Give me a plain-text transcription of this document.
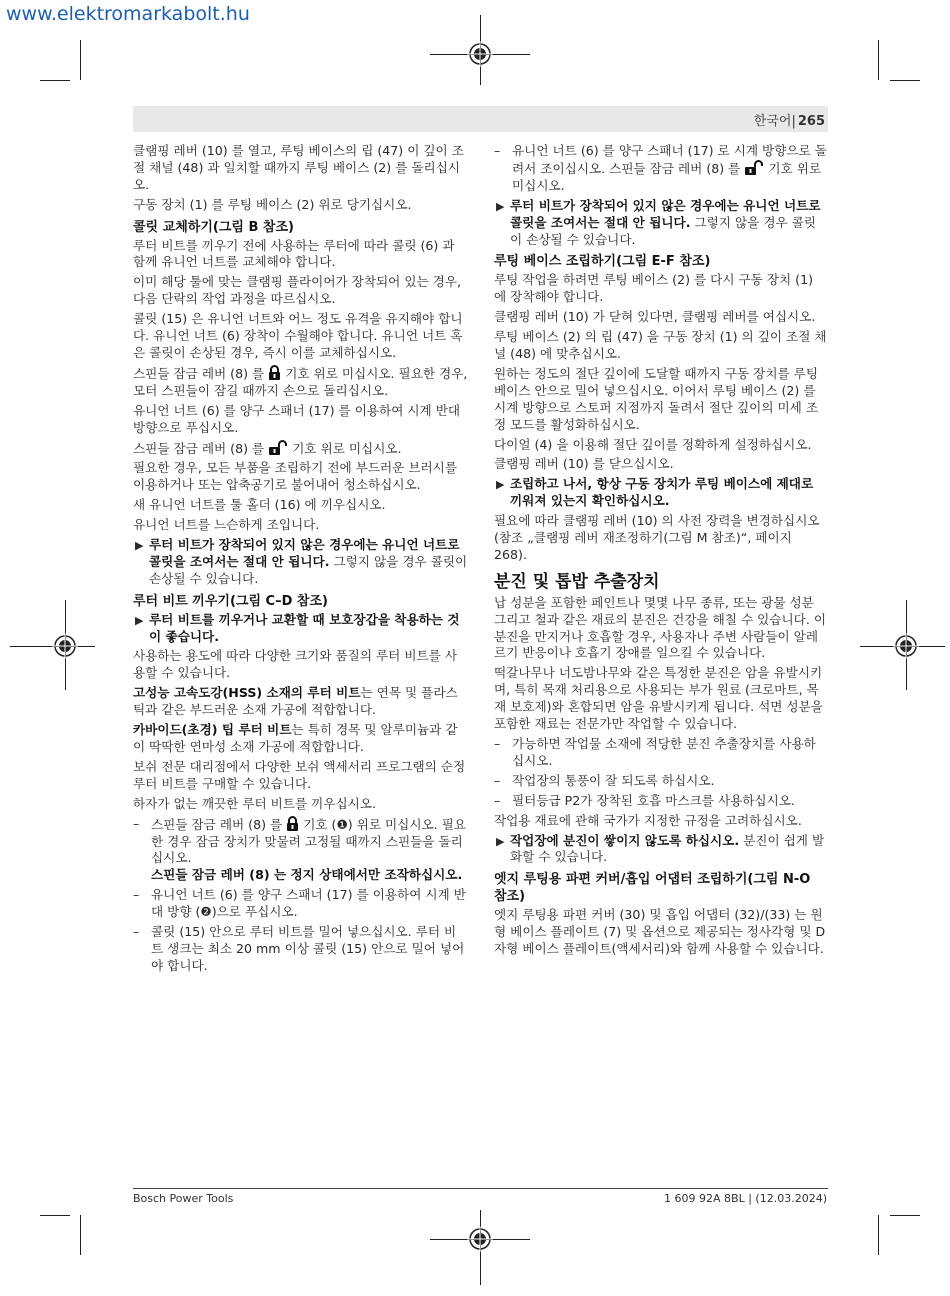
www.elektromarkabolt.hu
한국어| 265

클램핑 레버 (10) 를 열고, 루팅 베이스의 립 (47) 이 깊이 조절 채널 (48) 과 일치할 때까지 루팅 베이스 (2) 를 돌리십시오.

구동 장치 (1) 를 루팅 베이스 (2) 위로 당기십시오.

콜릿 교체하기(그림 B 참조)

루터 비트를 끼우기 전에 사용하는 루터에 따라 콜릿 (6) 과 함께 유니언 너트를 교체해야 합니다.

이미 해당 툴에 맞는 클램핑 플라이어가 장착되어 있는 경우, 다음 단락의 작업 과정을 따르십시오.

콜릿 (15) 은 유니언 너트와 어느 정도 유격을 유지해야 합니다. 유니언 너트 (6) 장착이 수월해야 합니다. 유니언 너트 혹은 콜릿이 손상된 경우, 즉시 이를 교체하십시오.

스핀들 잠금 레버 (8) 를 기호 위로 미십시오. 필요한 경우, 모터 스핀들이 잠길 때까지 손으로 돌리십시오.

유니언 너트 (6) 를 양구 스패너 (17) 를 이용하여 시계 반대방향으로 푸십시오.

스핀들 잠금 레버 (8) 를 기호 위로 미십시오.

필요한 경우, 모든 부품을 조립하기 전에 부드러운 브러시를 이용하거나 또는 압축공기로 불어내어 청소하십시오.

새 유니언 너트를 툴 홀더 (16) 에 끼우십시오.

유니언 너트를 느슨하게 조입니다.

▶ 루터 비트가 장착되어 있지 않은 경우에는 유니언 너트로 콜릿을 조여서는 절대 안 됩니다. 그렇지 않을 경우 콜릿이 손상될 수 있습니다.

루터 비트 끼우기(그림 C–D 참조)

▶ 루터 비트를 끼우거나 교환할 때 보호장갑을 착용하는 것이 좋습니다.

사용하는 용도에 따라 다양한 크기와 품질의 루터 비트를 사용할 수 있습니다.

고성능 고속도강(HSS) 소재의 루터 비트는 연목 및 플라스틱과 같은 부드러운 소재 가공에 적합합니다.

카바이드(초경) 팁 루터 비트는 특히 경목 및 알루미늄과 같이 딱딱한 연마성 소재 가공에 적합합니다.

보쉬 전문 대리점에서 다양한 보쉬 액세서리 프로그램의 순정 루터 비트를 구매할 수 있습니다.

하자가 없는 깨끗한 루터 비트를 끼우십시오.

– 스핀들 잠금 레버 (8) 를 기호 (❶) 위로 미십시오. 필요한 경우 잠금 장치가 맞물려 고정될 때까지 스핀들을 돌리십시오.
스핀들 잠금 레버 (8) 는 정지 상태에서만 조작하십시오.

– 유니언 너트 (6) 를 양구 스패너 (17) 를 이용하여 시계 반대 방향 (❷)으로 푸십시오.

– 콜릿 (15) 안으로 루터 비트를 밀어 넣으십시오. 루터 비트 생크는 최소 20 mm 이상 콜릿 (15) 안으로 밀어 넣어야 합니다.

– 유니언 너트 (6) 를 양구 스패너 (17) 로 시계 방향으로 돌려서 조이십시오. 스핀들 잠금 레버 (8) 를 기호 위로 미십시오.

▶ 루터 비트가 장착되어 있지 않은 경우에는 유니언 너트로 콜릿을 조여서는 절대 안 됩니다. 그렇지 않을 경우 콜릿이 손상될 수 있습니다.

루팅 베이스 조립하기(그림 E-F 참조)

루팅 작업을 하려면 루팅 베이스 (2) 를 다시 구동 장치 (1) 에 장착해야 합니다.

클램핑 레버 (10) 가 닫혀 있다면, 클램핑 레버를 여십시오.

루팅 베이스 (2) 의 립 (47) 을 구동 장치 (1) 의 깊이 조절 채널 (48) 에 맞추십시오.

원하는 정도의 절단 깊이에 도달할 때까지 구동 장치를 루팅 베이스 안으로 밀어 넣으십시오. 이어서 루팅 베이스 (2) 를 시계 방향으로 스토퍼 지점까지 돌려서 절단 깊이의 미세 조정 모드를 활성화하십시오.

다이얼 (4) 을 이용해 절단 깊이를 정확하게 설정하십시오.

클램핑 레버 (10) 를 닫으십시오.

▶ 조립하고 나서, 항상 구동 장치가 루팅 베이스에 제대로 끼워져 있는지 확인하십시오.

필요에 따라 클램핑 레버 (10) 의 사전 장력을 변경하십시오 (참조 „클램핑 레버 재조정하기(그림 M 참조)“, 페이지 268).

분진 및 톱밥 추출장치

납 성분을 포함한 페인트나 몇몇 나무 종류, 또는 광물 성분 그리고 철과 같은 재료의 분진은 건강을 해칠 수 있습니다. 이 분진을 만지거나 호흡할 경우, 사용자나 주변 사람들이 알레르기 반응이나 호흡기 장애를 일으킬 수 있습니다.

떡갈나무나 너도밤나무와 같은 특정한 분진은 암을 유발시키며, 특히 목재 처리용으로 사용되는 부가 원료 (크로마트, 목재 보호제)와 혼합되면 암을 유발시키게 됩니다. 석면 성분을 포함한 재료는 전문가만 작업할 수 있습니다.

– 가능하면 작업물 소재에 적당한 분진 추출장치를 사용하십시오.

– 작업장의 통풍이 잘 되도록 하십시오.

– 필터등급 P2가 장착된 호흡 마스크를 사용하십시오.

작업용 재료에 관해 국가가 지정한 규정을 고려하십시오.

▶ 작업장에 분진이 쌓이지 않도록 하십시오. 분진이 쉽게 발화할 수 있습니다.

엣지 루팅용 파편 커버/흡입 어댑터 조립하기(그림 N-O 참조)

엣지 루팅용 파편 커버 (30) 및 흡입 어댑터 (32)/(33) 는 원형 베이스 플레이트 (7) 및 옵션으로 제공되는 정사각형 및 D자형 베이스 플레이트(액세서리)와 함께 사용할 수 있습니다.

Bosch Power Tools	1 609 92A 8BL | (12.03.2024)
